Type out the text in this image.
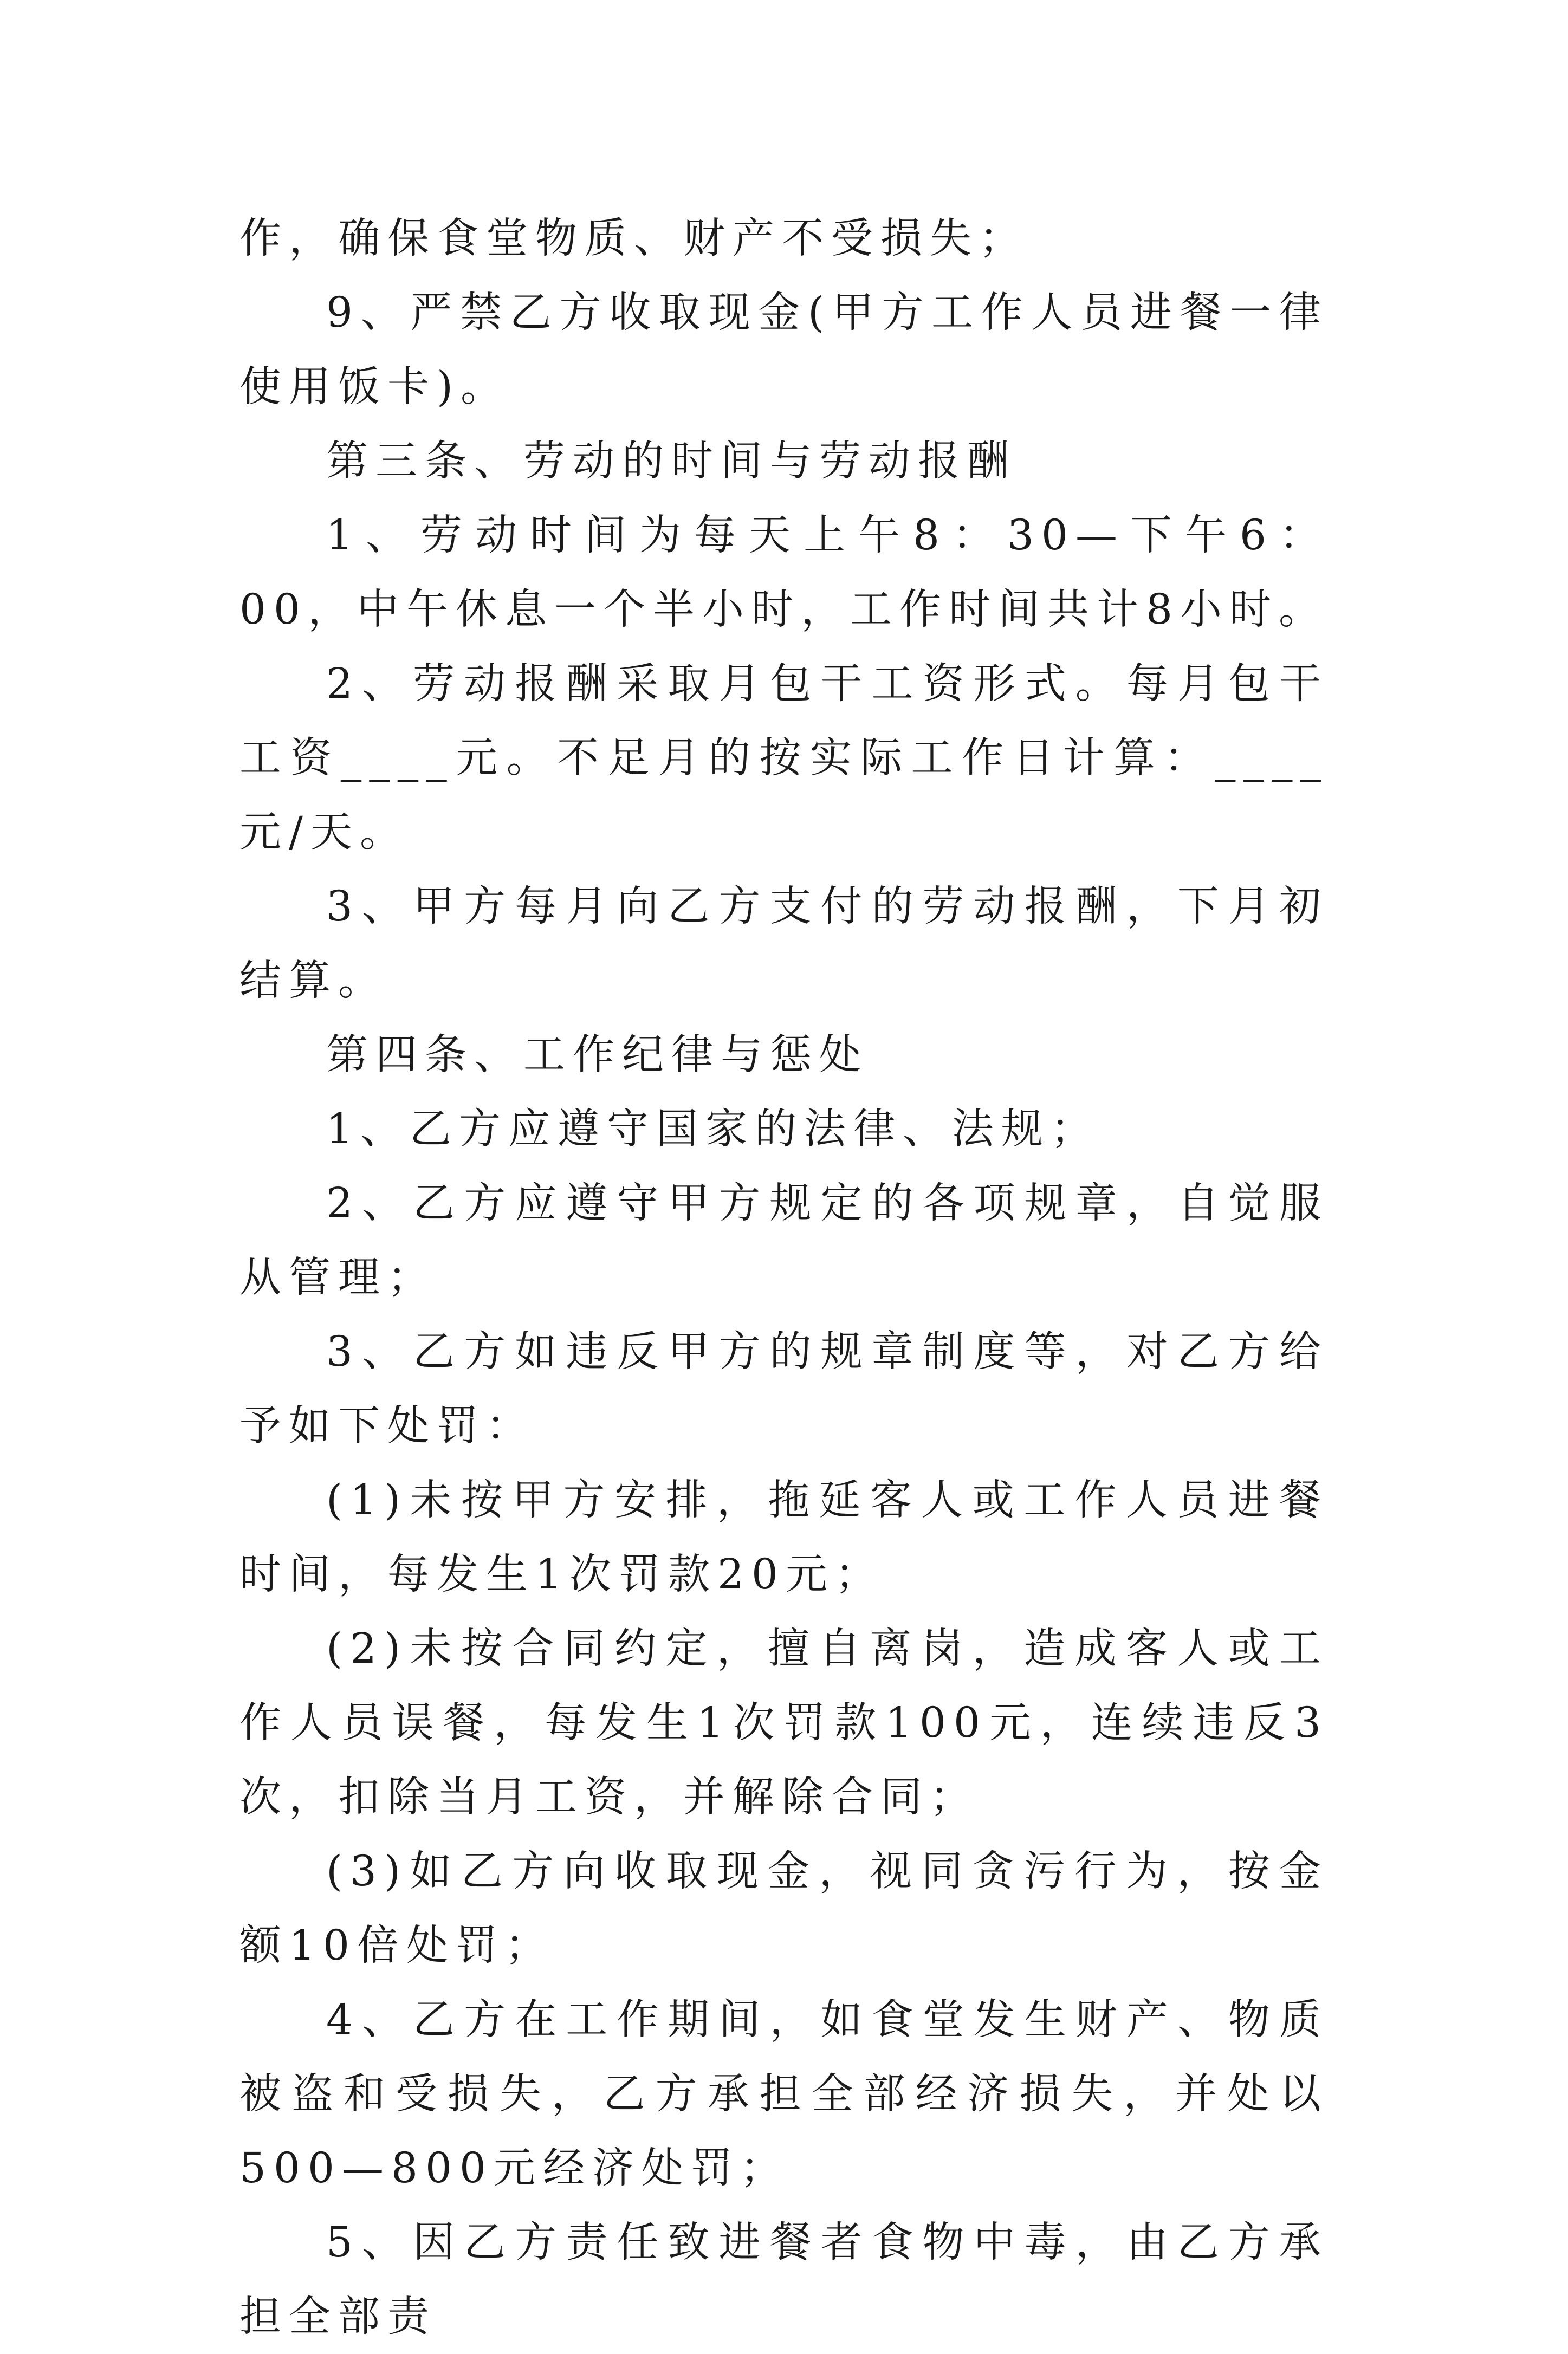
作，确保食堂物质、财产不受损失；

9、严禁乙方收取现金(甲方工作人员进餐一律使用饭卡)。

第三条、劳动的时间与劳动报酬

1、劳动时间为每天上午8：30—下午6：00，中午休息一个半小时，工作时间共计8小时。

2、劳动报酬采取月包干工资形式。每月包干工资____元。不足月的按实际工作日计算：____元/天。

3、甲方每月向乙方支付的劳动报酬，下月初结算。

第四条、工作纪律与惩处

1、乙方应遵守国家的法律、法规；

2、乙方应遵守甲方规定的各项规章，自觉服从管理；

3、乙方如违反甲方的规章制度等，对乙方给予如下处罚：

(1)未按甲方安排，拖延客人或工作人员进餐时间，每发生1次罚款20元；

(2)未按合同约定，擅自离岗，造成客人或工作人员误餐，每发生1次罚款100元，连续违反3次，扣除当月工资，并解除合同；

(3)如乙方向收取现金，视同贪污行为，按金额10倍处罚；

4、乙方在工作期间，如食堂发生财产、物质被盗和受损失，乙方承担全部经济损失，并处以500—800元经济处罚；

5、因乙方责任致进餐者食物中毒，由乙方承担全部责
